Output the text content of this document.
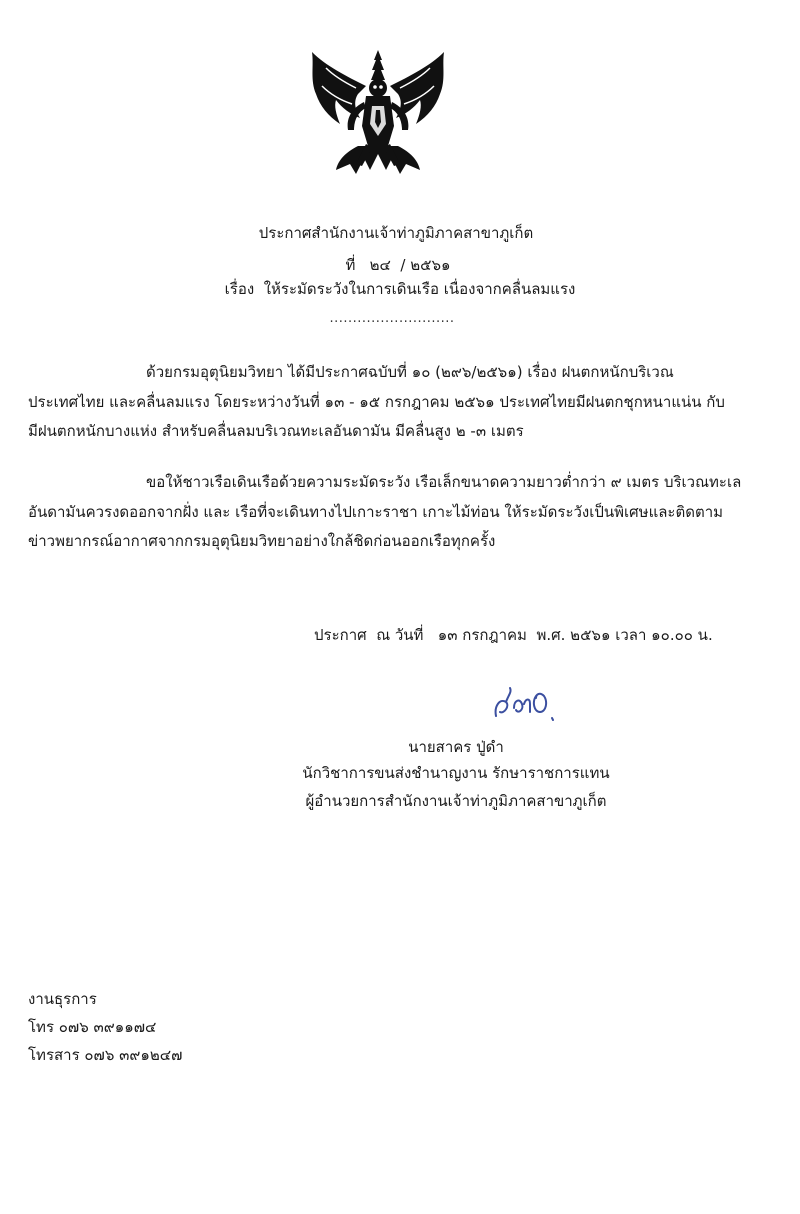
ประกาศสำนักงานเจ้าท่าภูมิภาคสาขาภูเก็ต
ที่   ๒๔  / ๒๕๖๑
เรื่อง  ให้ระมัดระวังในการเดินเรือ เนื่องจากคลื่นลมแรง
...........................
ด้วยกรมอุตุนิยมวิทยา ได้มีประกาศฉบับที่ ๑๐ (๒๙๖/๒๕๖๑) เรื่อง ฝนตกหนักบริเวณ
ประเทศไทย และคลื่นลมแรง โดยระหว่างวันที่ ๑๓ - ๑๕ กรกฎาคม ๒๕๖๑ ประเทศไทยมีฝนตกชุกหนาแน่น กับ
มีฝนตกหนักบางแห่ง สำหรับคลื่นลมบริเวณทะเลอันดามัน มีคลื่นสูง ๒ -๓ เมตร
ขอให้ชาวเรือเดินเรือด้วยความระมัดระวัง เรือเล็กขนาดความยาวต่ำกว่า ๙ เมตร บริเวณทะเล
อันดามันควรงดออกจากฝั่ง และ เรือที่จะเดินทางไปเกาะราชา เกาะไม้ท่อน ให้ระมัดระวังเป็นพิเศษและติดตาม
ข่าวพยากรณ์อากาศจากกรมอุตุนิยมวิทยาอย่างใกล้ชิดก่อนออกเรือทุกครั้ง
ประกาศ  ณ วันที่   ๑๓ กรกฎาคม  พ.ศ. ๒๕๖๑ เวลา ๑๐.๐๐ น.
นายสาคร ปู่ดำ
นักวิชาการขนส่งชำนาญงาน รักษาราชการแทน
ผู้อำนวยการสำนักงานเจ้าท่าภูมิภาคสาขาภูเก็ต
งานธุรการ
โทร ๐๗๖ ๓๙๑๑๗๔
โทรสาร ๐๗๖ ๓๙๑๒๔๗
